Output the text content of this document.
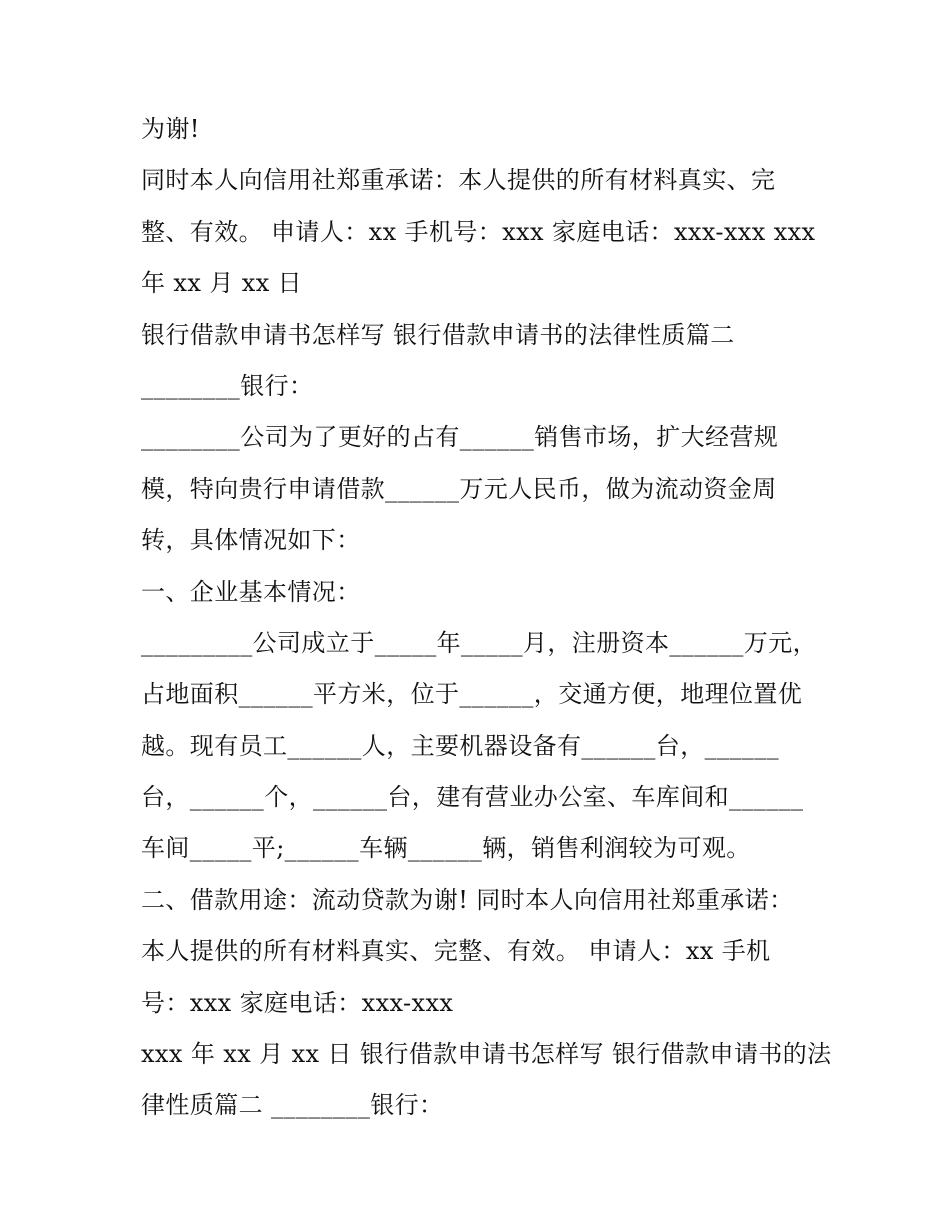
为谢!
同时本人向信用社郑重承诺：本人提供的所有材料真实、完
整、有效。 申请人：xx 手机号：xxx 家庭电话：xxx-xxx xxx
年 xx 月 xx 日
银行借款申请书怎样写 银行借款申请书的法律性质篇二
________银行：
________公司为了更好的占有______销售市场，扩大经营规
模，特向贵行申请借款______万元人民币，做为流动资金周
转，具体情况如下：
一、企业基本情况：
_________公司成立于_____年_____月，注册资本______万元，
占地面积______平方米，位于______，交通方便，地理位置优
越。现有员工______人，主要机器设备有______台，______
台，______个，______台，建有营业办公室、车库间和______
车间_____平;______车辆______辆，销售利润较为可观。
二、借款用途：流动贷款为谢! 同时本人向信用社郑重承诺：
本人提供的所有材料真实、完整、有效。 申请人：xx 手机
号：xxx 家庭电话：xxx-xxx
xxx 年 xx 月 xx 日 银行借款申请书怎样写 银行借款申请书的法
律性质篇二 ________银行：
